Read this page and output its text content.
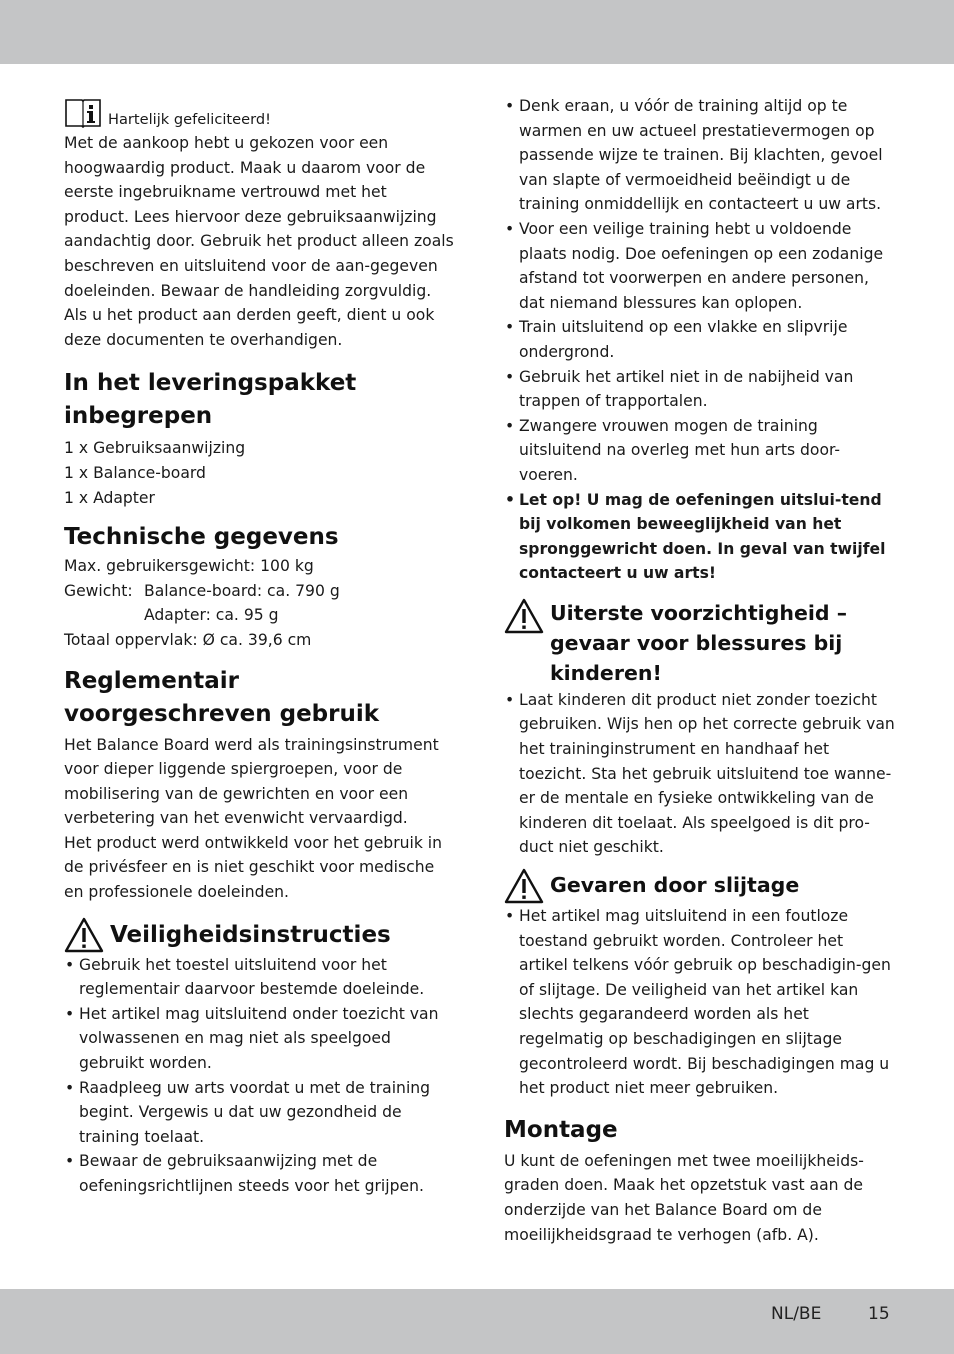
Hartelijk gefeliciteerd!

Met de aankoop hebt u gekozen voor een hoogwaardig product. Maak u daarom voor de eerste ingebruikname vertrouwd met het product. Lees hiervoor deze gebruiksaanwijzing aandachtig door. Gebruik het product alleen zoals beschreven en uitsluitend voor de aan-gegeven doeleinden. Bewaar de handleiding zorgvuldig. Als u het product aan derden geeft, dient u ook deze documenten te overhandigen.

In het leveringspakket inbegrepen

1 x Gebruiksaanwijzing

1 x Balance-board

1 x Adapter

Technische gegevens

Max. gebruikersgewicht: 100 kg

Gewicht: Balance-board: ca. 790 g
Adapter: ca. 95 g

Totaal oppervlak: Ø ca. 39,6 cm

Reglementair voorgeschreven gebruik

Het Balance Board werd als trainingsinstrument voor dieper liggende spiergroepen, voor de mobilisering van de gewrichten en voor een verbetering van het evenwicht vervaardigd.

Het product werd ontwikkeld voor het gebruik in de privésfeer en is niet geschikt voor medische en professionele doeleinden.

Veiligheidsinstructies
• Gebruik het toestel uitsluitend voor het reglementair daarvoor bestemde doeleinde.
• Het artikel mag uitsluitend onder toezicht van volwassenen en mag niet als speelgoed gebruikt worden.
• Raadpleeg uw arts voordat u met de training begint. Vergewis u dat uw gezondheid de training toelaat.
• Bewaar de gebruiksaanwijzing met de oefeningsrichtlijnen steeds voor het grijpen.
• Denk eraan, u vóór de training altijd op te warmen en uw actueel prestatievermogen op passende wijze te trainen. Bij klachten, gevoel van slapte of vermoeidheid beëindigt u de training onmiddellijk en contacteert u uw arts.
• Voor een veilige training hebt u voldoende plaats nodig. Doe oefeningen op een zodanige afstand tot voorwerpen en andere personen, dat niemand blessures kan oplopen.
• Train uitsluitend op een vlakke en slipvrije ondergrond.
• Gebruik het artikel niet in de nabijheid van trappen of trapportalen.
• Zwangere vrouwen mogen de training uitsluitend na overleg met hun arts door-voeren.
• Let op! U mag de oefeningen uitslui-tend bij volkomen beweeglijkheid van het spronggewricht doen. In geval van twijfel contacteert u uw arts!
Uiterste voorzichtigheid – gevaar voor blessures bij kinderen!
• Laat kinderen dit product niet zonder toezicht gebruiken. Wijs hen op het correcte gebruik van het traininginstrument en handhaaf het toezicht. Sta het gebruik uitsluitend toe wanne-er de mentale en fysieke ontwikkeling van de kinderen dit toelaat. Als speelgoed is dit pro-duct niet geschikt.
Gevaren door slijtage
• Het artikel mag uitsluitend in een foutloze toestand gebruikt worden. Controleer het artikel telkens vóór gebruik op beschadigin-gen of slijtage. De veiligheid van het artikel kan slechts gegarandeerd worden als het regelmatig op beschadigingen en slijtage gecontroleerd wordt. Bij beschadigingen mag u het product niet meer gebruiken.
Montage

U kunt de oefeningen met twee moeilijkheids-graden doen. Maak het opzetstuk vast aan de onderzijde van het Balance Board om de moeilijkheidsgraad te verhogen (afb. A).

NL/BE	15
